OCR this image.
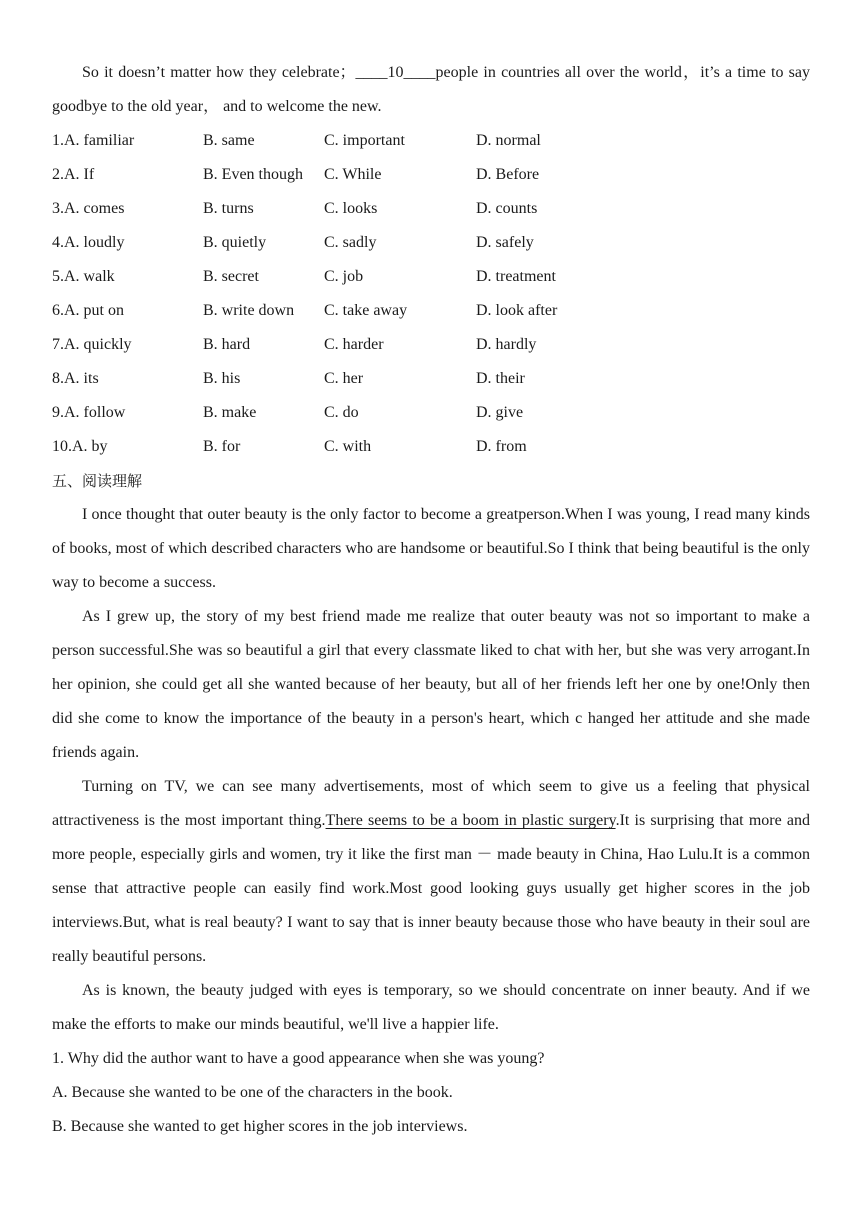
So it doesn’t matter how they celebrate；____10____people in countries all over the world，it’s a time to say goodbye to the old year， and to welcome the new.

1.A. familiar	B. same	C. important	D. normal
2.A. If	B. Even though	C. While	D. Before
3.A. comes	B. turns	C. looks	D. counts
4.A. loudly	B. quietly	C. sadly	D. safely
5.A. walk	B. secret	C. job	D. treatment
6.A. put on	B. write down	C. take away	D. look after
7.A. quickly	B. hard	C. harder	D. hardly
8.A. its	B. his	C. her	D. their
9.A. follow	B. make	C. do	D. give
10.A. by	B. for	C. with	D. from

五、阅读理解

I once thought that outer beauty is the only factor to become a greatperson.When I was young, I read many kinds of books, most of which described characters who are handsome or beautiful.So I think that being beautiful is the only way to become a success.

As I grew up, the story of my best friend made me realize that outer beauty was not so important to make a person successful.She was so beautiful a girl that every classmate liked to chat with her, but she was very arrogant.In her opinion, she could get all she wanted because of her beauty, but all of her friends left her one by one!Only then did she come to know the importance of the beauty in a person's heart, which c hanged her attitude and she made friends again.

Turning on TV, we can see many advertisements, most of which seem to give us a feeling that physical attractiveness is the most important thing.There seems to be a boom in plastic surgery.It is surprising that more and more people, especially girls and women, try it like the first man － made beauty in China, Hao Lulu.It is a common sense that attractive people can easily find work.Most good looking guys usually get higher scores in the job interviews.But, what is real beauty? I want to say that is inner beauty because those who have beauty in their soul are really beautiful persons.

As is known, the beauty judged with eyes is temporary, so we should concentrate on inner beauty. And if we make the efforts to make our minds beautiful, we'll live a happier life.

1. Why did the author want to have a good appearance when she was young?

A. Because she wanted to be one of the characters in the book.

B. Because she wanted to get higher scores in the job interviews.
